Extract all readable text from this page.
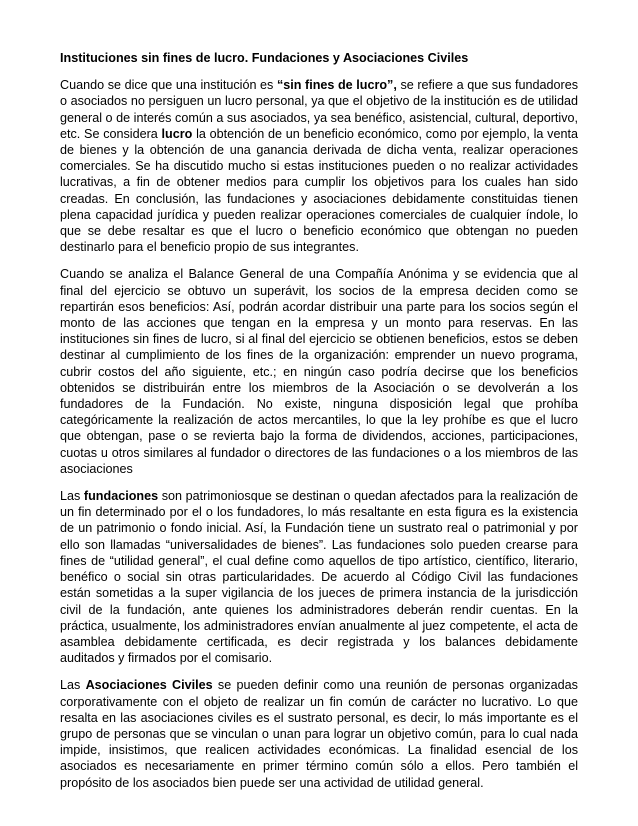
Instituciones sin fines de lucro. Fundaciones y Asociaciones Civiles

Cuando se dice que una institución es “sin fines de lucro”, se refiere a que sus fundadores o asociados no persiguen un lucro personal, ya que el objetivo de la institución es de utilidad general o de interés común a sus asociados, ya sea benéfico, asistencial, cultural, deportivo, etc. Se considera lucro la obtención de un beneficio económico, como por ejemplo, la venta de bienes y la obtención de una ganancia derivada de dicha venta, realizar operaciones comerciales. Se ha discutido mucho si estas instituciones pueden o no realizar actividades lucrativas, a fin de obtener medios para cumplir los objetivos para los cuales han sido creadas. En conclusión, las fundaciones y asociaciones debidamente constituidas tienen plena capacidad jurídica y pueden realizar operaciones comerciales de cualquier índole, lo que se debe resaltar es que el lucro o beneficio económico que obtengan no pueden destinarlo para el beneficio propio de sus integrantes.

Cuando se analiza el Balance General de una Compañía Anónima y se evidencia que al final del ejercicio se obtuvo un superávit, los socios de la empresa deciden como se repartirán esos beneficios: Así, podrán acordar distribuir una parte para los socios según el monto de las acciones que tengan en la empresa y un monto para reservas. En las instituciones sin fines de lucro, si al final del ejercicio se obtienen beneficios, estos se deben destinar al cumplimiento de los fines de la organización: emprender un nuevo programa, cubrir costos del año siguiente, etc.; en ningún caso podría decirse que los beneficios obtenidos se distribuirán entre los miembros de la Asociación o se devolverán a los fundadores de la Fundación. No existe, ninguna disposición legal que prohíba categóricamente la realización de actos mercantiles, lo que la ley prohíbe es que el lucro que obtengan, pase o se revierta bajo la forma de dividendos, acciones, participaciones, cuotas u otros similares al fundador o directores de las fundaciones o a los miembros de las asociaciones

Las fundaciones son patrimoniosque se destinan o quedan afectados para la realización de un fin determinado por el o los fundadores, lo más resaltante en esta figura es la existencia de un patrimonio o fondo inicial. Así, la Fundación tiene un sustrato real o patrimonial y por ello son llamadas “universalidades de bienes”. Las fundaciones solo pueden crearse para fines de “utilidad general”, el cual define como aquellos de tipo artístico, científico, literario, benéfico o social sin otras particularidades. De acuerdo al Código Civil las fundaciones están sometidas a la super vigilancia de los jueces de primera instancia de la jurisdicción civil de la fundación, ante quienes los administradores deberán rendir cuentas. En la práctica, usualmente, los administradores envían anualmente al juez competente, el acta de asamblea debidamente certificada, es decir registrada y los balances debidamente auditados y firmados por el comisario.

Las Asociaciones Civiles se pueden definir como una reunión de personas organizadas corporativamente con el objeto de realizar un fin común de carácter no lucrativo. Lo que resalta en las asociaciones civiles es el sustrato personal, es decir, lo más importante es el grupo de personas que se vinculan o unan para lograr un objetivo común, para lo cual nada impide, insistimos, que realicen actividades económicas. La finalidad esencial de los asociados es necesariamente en primer término común sólo a ellos. Pero también el propósito de los asociados bien puede ser una actividad de utilidad general.
